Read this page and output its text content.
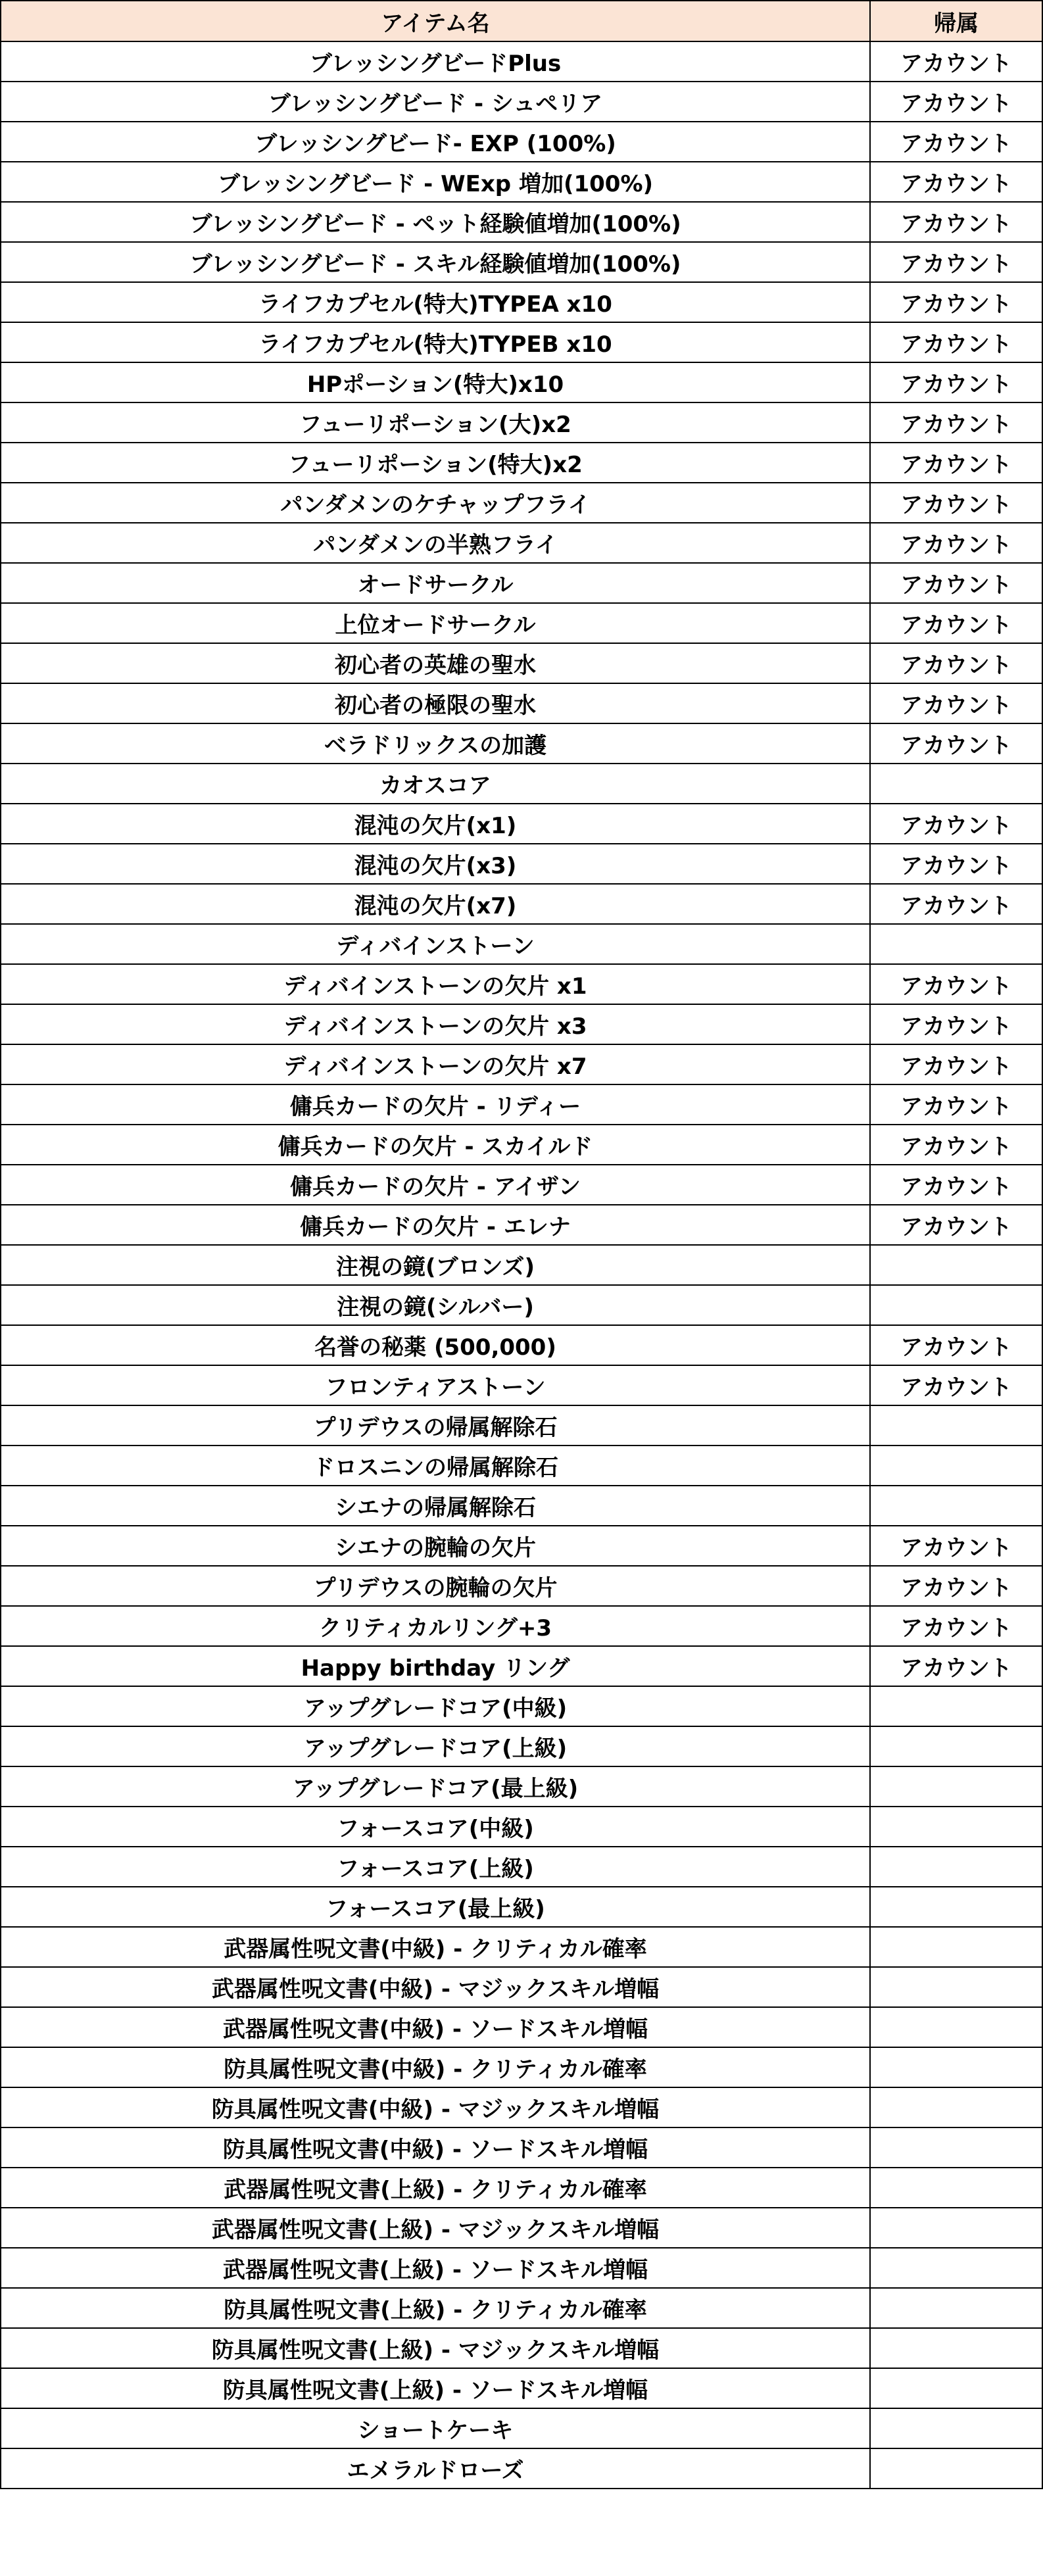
アイテム名	帰属
ブレッシングビードPlus	アカウント
ブレッシングビード - シュペリア	アカウント
ブレッシングビード- EXP (100%)	アカウント
ブレッシングビード - WExp 増加(100%)	アカウント
ブレッシングビード - ペット経験値増加(100%)	アカウント
ブレッシングビード - スキル経験値増加(100%)	アカウント
ライフカプセル(特大)TYPEA x10	アカウント
ライフカプセル(特大)TYPEB x10	アカウント
HPポーション(特大)x10	アカウント
フューリポーション(大)x2	アカウント
フューリポーション(特大)x2	アカウント
パンダメンのケチャップフライ	アカウント
パンダメンの半熟フライ	アカウント
オードサークル	アカウント
上位オードサークル	アカウント
初心者の英雄の聖水	アカウント
初心者の極限の聖水	アカウント
ベラドリックスの加護	アカウント
カオスコア	
混沌の欠片(x1)	アカウント
混沌の欠片(x3)	アカウント
混沌の欠片(x7)	アカウント
ディバインストーン	
ディバインストーンの欠片 x1	アカウント
ディバインストーンの欠片 x3	アカウント
ディバインストーンの欠片 x7	アカウント
傭兵カードの欠片 - リディー	アカウント
傭兵カードの欠片 - スカイルド	アカウント
傭兵カードの欠片 - アイザン	アカウント
傭兵カードの欠片 - エレナ	アカウント
注視の鏡(ブロンズ)	
注視の鏡(シルバー)	
名誉の秘薬 (500,000)	アカウント
フロンティアストーン	アカウント
プリデウスの帰属解除石	
ドロスニンの帰属解除石	
シエナの帰属解除石	
シエナの腕輪の欠片	アカウント
プリデウスの腕輪の欠片	アカウント
クリティカルリング+3	アカウント
Happy birthday リング	アカウント
アップグレードコア(中級)	
アップグレードコア(上級)	
アップグレードコア(最上級)	
フォースコア(中級)	
フォースコア(上級)	
フォースコア(最上級)	
武器属性呪文書(中級) - クリティカル確率	
武器属性呪文書(中級) - マジックスキル増幅	
武器属性呪文書(中級) - ソードスキル増幅	
防具属性呪文書(中級) - クリティカル確率	
防具属性呪文書(中級) - マジックスキル増幅	
防具属性呪文書(中級) - ソードスキル増幅	
武器属性呪文書(上級) - クリティカル確率	
武器属性呪文書(上級) - マジックスキル増幅	
武器属性呪文書(上級) - ソードスキル増幅	
防具属性呪文書(上級) - クリティカル確率	
防具属性呪文書(上級) - マジックスキル増幅	
防具属性呪文書(上級) - ソードスキル増幅	
ショートケーキ	
エメラルドローズ	
